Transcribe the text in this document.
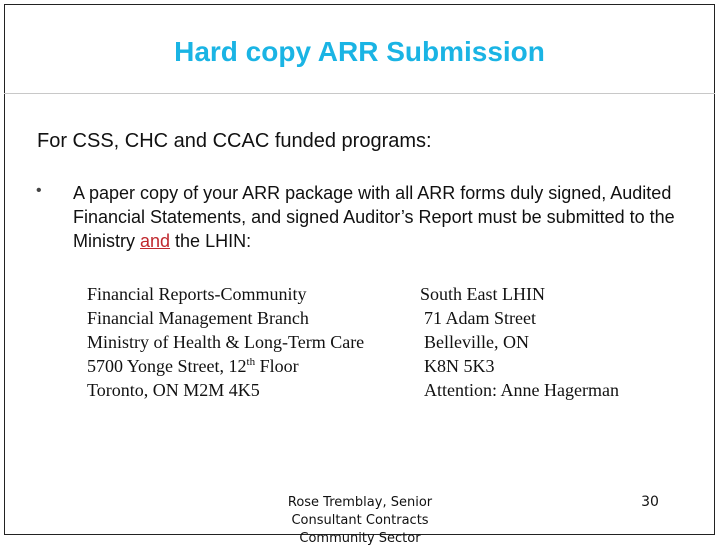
Hard copy ARR Submission
For CSS, CHC and CCAC funded programs:
• A paper copy of your ARR package with all ARR forms duly signed, Audited Financial Statements, and signed Auditor’s Report must be submitted to the Ministry and the LHIN:
Financial Reports-Community
Financial Management Branch
Ministry of Health & Long-Term Care
5700 Yonge Street, 12th Floor
Toronto, ON M2M 4K5
South East LHIN
71 Adam Street
Belleville, ON
K8N 5K3
Attention: Anne Hagerman
Rose Tremblay, Senior
Consultant Contracts
Community Sector
30
